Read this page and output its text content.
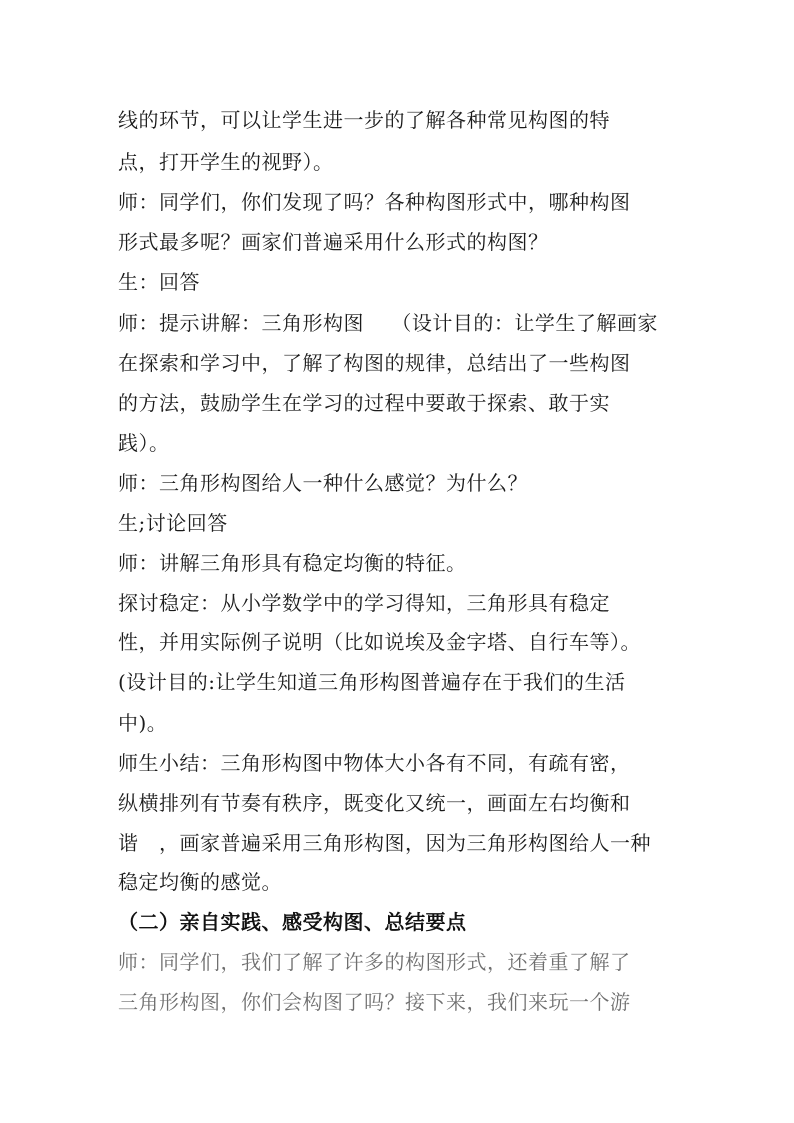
线的环节，可以让学生进一步的了解各种常见构图的特
点，打开学生的视野）。
师：同学们，你们发现了吗？各种构图形式中，哪种构图
形式最多呢？画家们普遍采用什么形式的构图？
生：回答
师：提示讲解：三角形构图　 （设计目的：让学生了解画家
在探索和学习中，了解了构图的规律，总结出了一些构图
的方法，鼓励学生在学习的过程中要敢于探索、敢于实
践）。
师：三角形构图给人一种什么感觉？为什么？
生;讨论回答
师：讲解三角形具有稳定均衡的特征。
探讨稳定：从小学数学中的学习得知，三角形具有稳定
性，并用实际例子说明（比如说埃及金字塔、自行车等）。
(设计目的:让学生知道三角形构图普遍存在于我们的生活
中)。
师生小结：三角形构图中物体大小各有不同，有疏有密，
纵横排列有节奏有秩序，既变化又统一，画面左右均衡和
谐　，画家普遍采用三角形构图，因为三角形构图给人一种
稳定均衡的感觉。
（二）亲自实践、感受构图、总结要点
师：同学们，我们了解了许多的构图形式，还着重了解了
三角形构图，你们会构图了吗？接下来，我们来玩一个游
